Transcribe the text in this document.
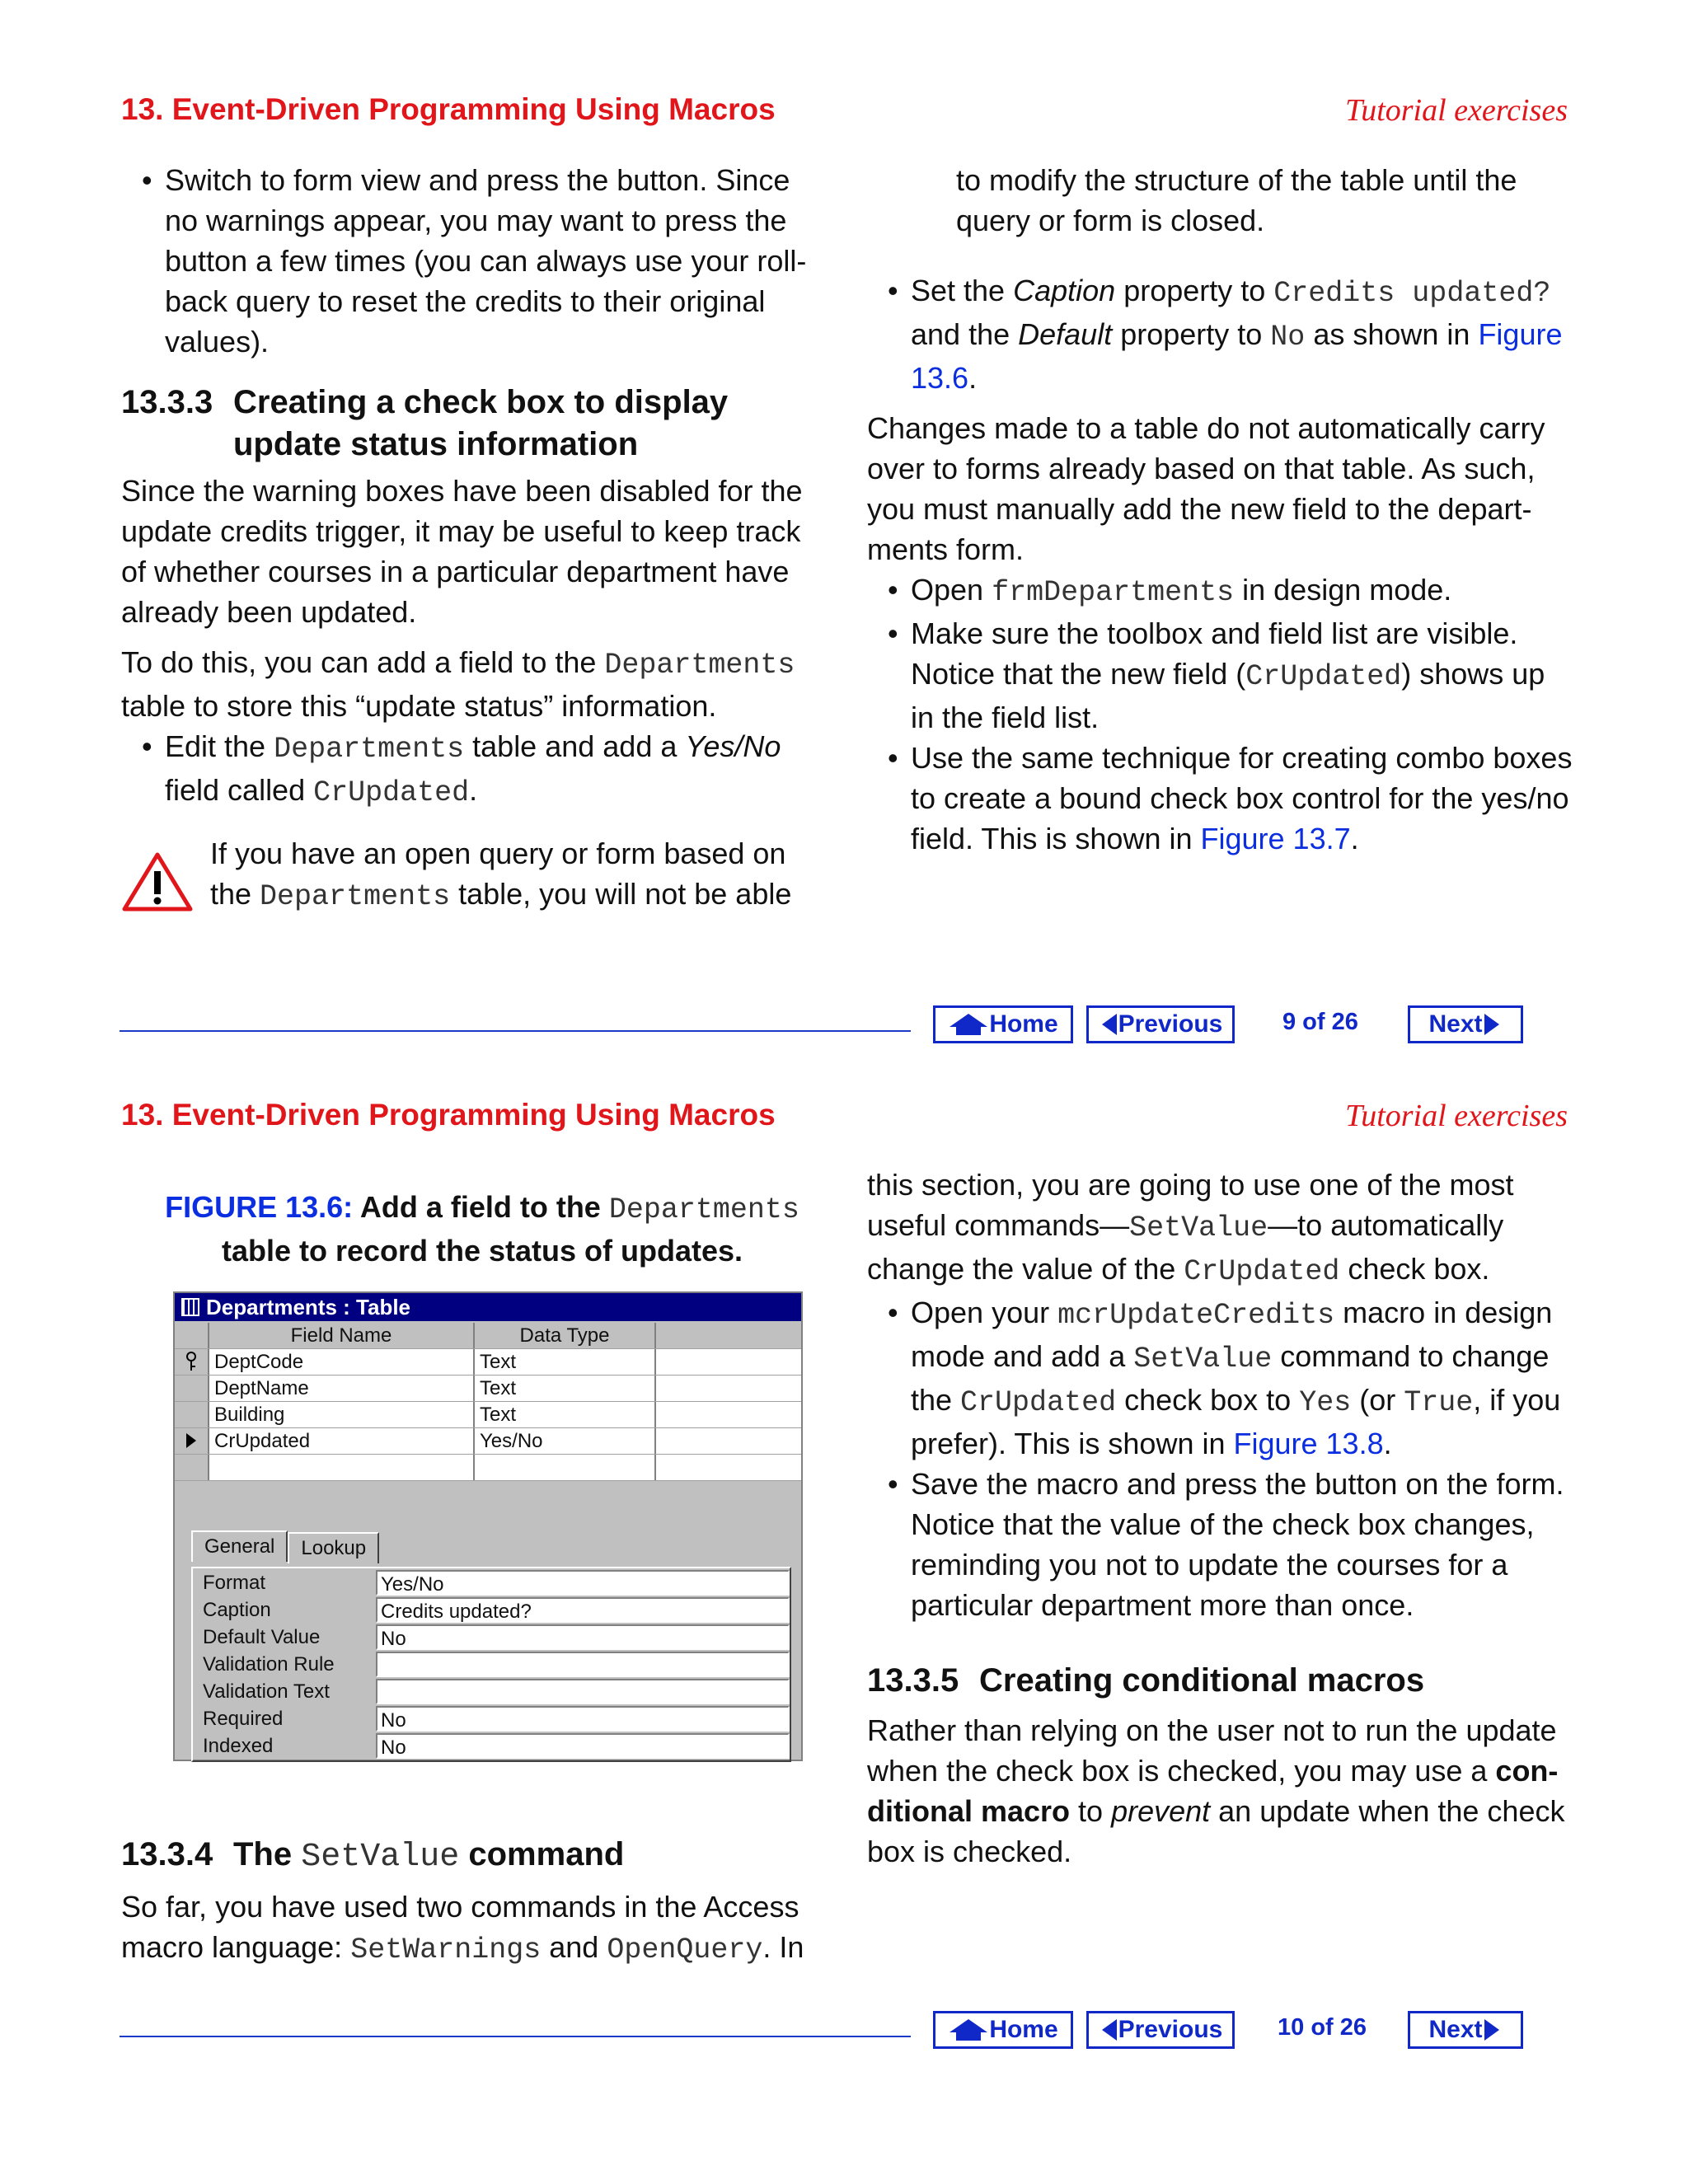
13. Event-Driven Programming Using Macros	Tutorial exercises

• Switch to form view and press the button. Since no warnings appear, you may want to press the button a few times (you can always use your roll-back query to reset the credits to their original values).

13.3.3 Creating a check box to display update status information

Since the warning boxes have been disabled for the update credits trigger, it may be useful to keep track of whether courses in a particular department have already been updated.

To do this, you can add a field to the Departments table to store this “update status” information.

• Edit the Departments table and add a Yes/No field called CrUpdated.

If you have an open query or form based on the Departments table, you will not be able

to modify the structure of the table until the query or form is closed.

• Set the Caption property to Credits updated? and the Default property to No as shown in Figure 13.6.

Changes made to a table do not automatically carry over to forms already based on that table. As such, you must manually add the new field to the depart-ments form.

• Open frmDepartments in design mode.

• Make sure the toolbox and field list are visible. Notice that the new field (CrUpdated) shows up in the field list.

• Use the same technique for creating combo boxes to create a bound check box control for the yes/no field. This is shown in Figure 13.7.

Home Previous	9 of 26	Next
13. Event-Driven Programming Using Macros	Tutorial exercises
FIGURE 13.6: Add a field to the Departments table to record the status of updates.
Departments : Table
Field Name	Data Type
DeptCode	Text
DeptName	Text
Building	Text
CrUpdated	Yes/No
General	Lookup
Format	Yes/No
Caption	Credits updated?
Default Value	No
Validation Rule
Validation Text
Required	No
Indexed	No
13.3.4 The SetValue command

So far, you have used two commands in the Access macro language: SetWarnings and OpenQuery. In

this section, you are going to use one of the most useful commands—SetValue—to automatically change the value of the CrUpdated check box.

• Open your mcrUpdateCredits macro in design mode and add a SetValue command to change the CrUpdated check box to Yes (or True, if you prefer). This is shown in Figure 13.8.

• Save the macro and press the button on the form. Notice that the value of the check box changes, reminding you not to update the courses for a particular department more than once.

13.3.5 Creating conditional macros

Rather than relying on the user not to run the update when the check box is checked, you may use a con-ditional macro to prevent an update when the check box is checked.

Home Previous 10 of 26	Next
